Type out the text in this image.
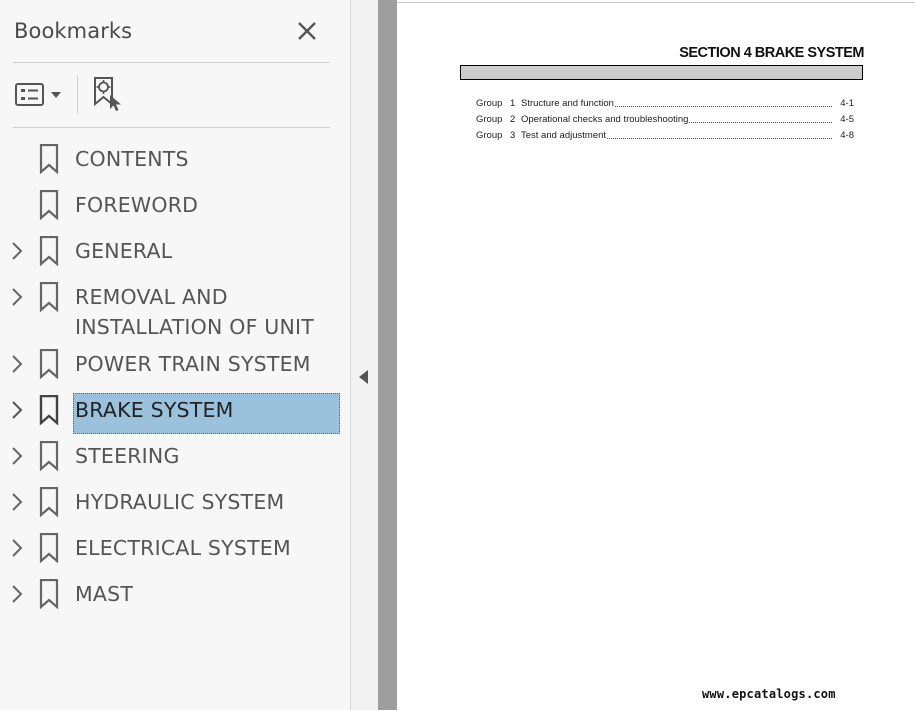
Bookmarks
CONTENTS
FOREWORD
GENERAL
REMOVAL AND
INSTALLATION OF UNIT
POWER TRAIN SYSTEM
BRAKE SYSTEM
STEERING
HYDRAULIC SYSTEM
ELECTRICAL SYSTEM
MAST
SECTION 4 BRAKE SYSTEM
Group 1 Structure and function	4-1
Group 2 Operational checks and troubleshooting	4-5
Group 3 Test and adjustment	4-8
www.epcatalogs.com
